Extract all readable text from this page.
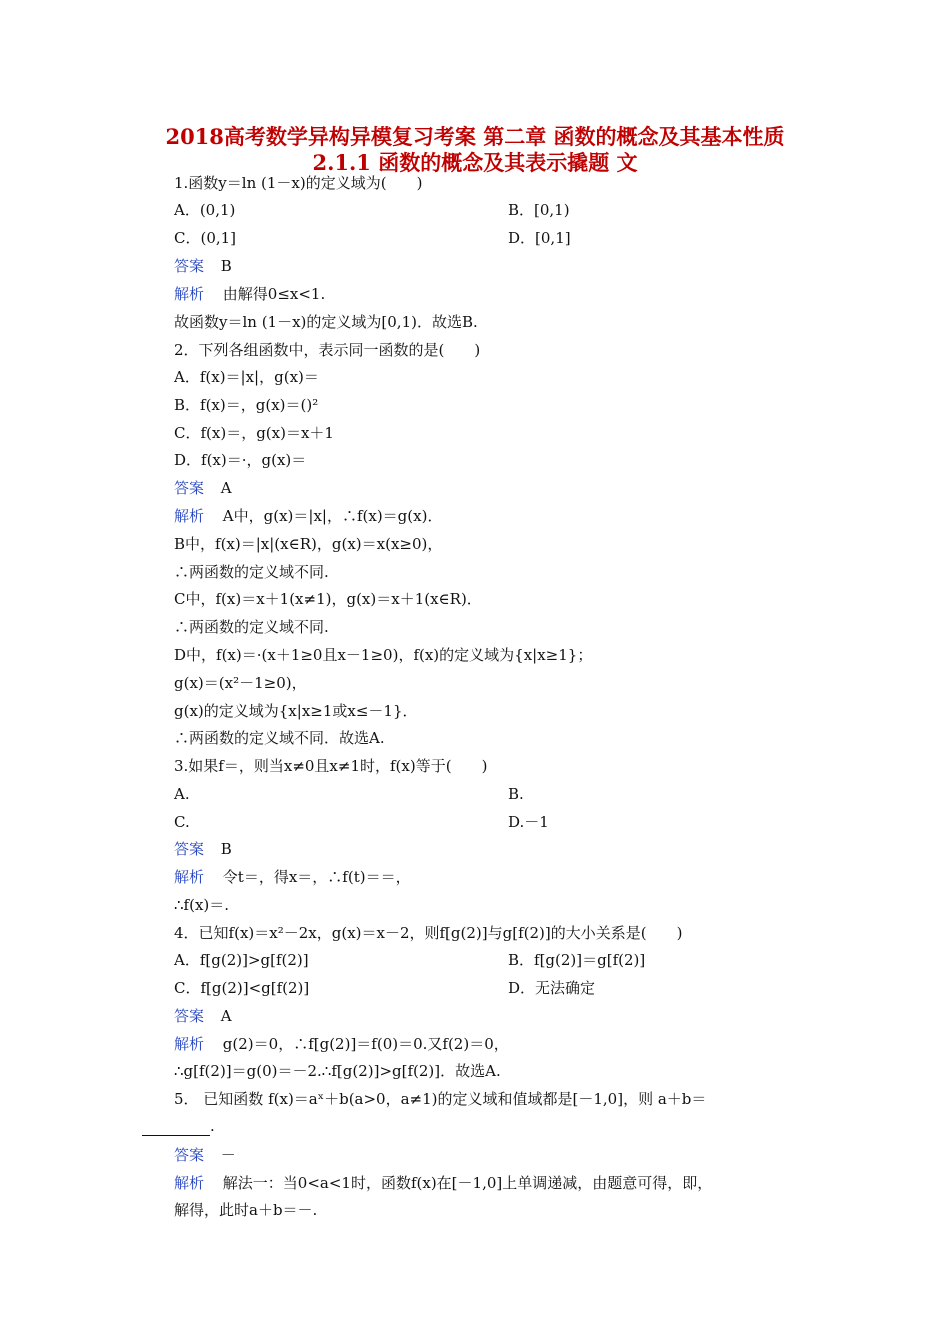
2018高考数学异构异模复习考案 第二章 函数的概念及其基本性质
2.1.1 函数的概念及其表示撬题 文
1.函数y＝ln (1－x)的定义域为(　　)
A．(0,1)	B．[0,1)
C．(0,1]	D．[0,1]
答案 B
解析 由解得0≤x<1.
故函数y＝ln (1－x)的定义域为[0,1)．故选B.
2．下列各组函数中，表示同一函数的是(　　)
A．f(x)＝|x|，g(x)＝
B．f(x)＝，g(x)＝()²
C．f(x)＝，g(x)＝x＋1
D．f(x)＝·，g(x)＝
答案 A
解析 A中，g(x)＝|x|，∴f(x)＝g(x)．
B中，f(x)＝|x|(x∈R)，g(x)＝x(x≥0)，
∴两函数的定义域不同.
C中，f(x)＝x＋1(x≠1)，g(x)＝x＋1(x∈R)．
∴两函数的定义域不同.
D中，f(x)＝·(x＋1≥0且x－1≥0)，f(x)的定义域为{x|x≥1}；
g(x)＝(x²－1≥0)，
g(x)的定义域为{x|x≥1或x≤－1}．
∴两函数的定义域不同．故选A.
3.如果f＝，则当x≠0且x≠1时，f(x)等于(　　)
A.	B.
C.	D.－1
答案 B
解析 令t＝，得x＝，∴f(t)＝＝，
∴f(x)＝.
4．已知f(x)＝x²－2x，g(x)＝x－2，则f[g(2)]与g[f(2)]的大小关系是(　　)
A．f[g(2)]>g[f(2)]	B．f[g(2)]＝g[f(2)]
C．f[g(2)]<g[f(2)]	D．无法确定
答案 A
解析 g(2)＝0，∴f[g(2)]＝f(0)＝0.又f(2)＝0，
∴g[f(2)]＝g(0)＝－2.∴f[g(2)]>g[f(2)]．故选A.
5． 已知函数 f(x)＝aˣ＋b(a>0，a≠1)的定义域和值域都是[－1,0]，则 a＋b＝
.
答案 －
解析 解法一：当0<a<1时，函数f(x)在[－1,0]上单调递减，由题意可得，即，
解得，此时a＋b＝－.
